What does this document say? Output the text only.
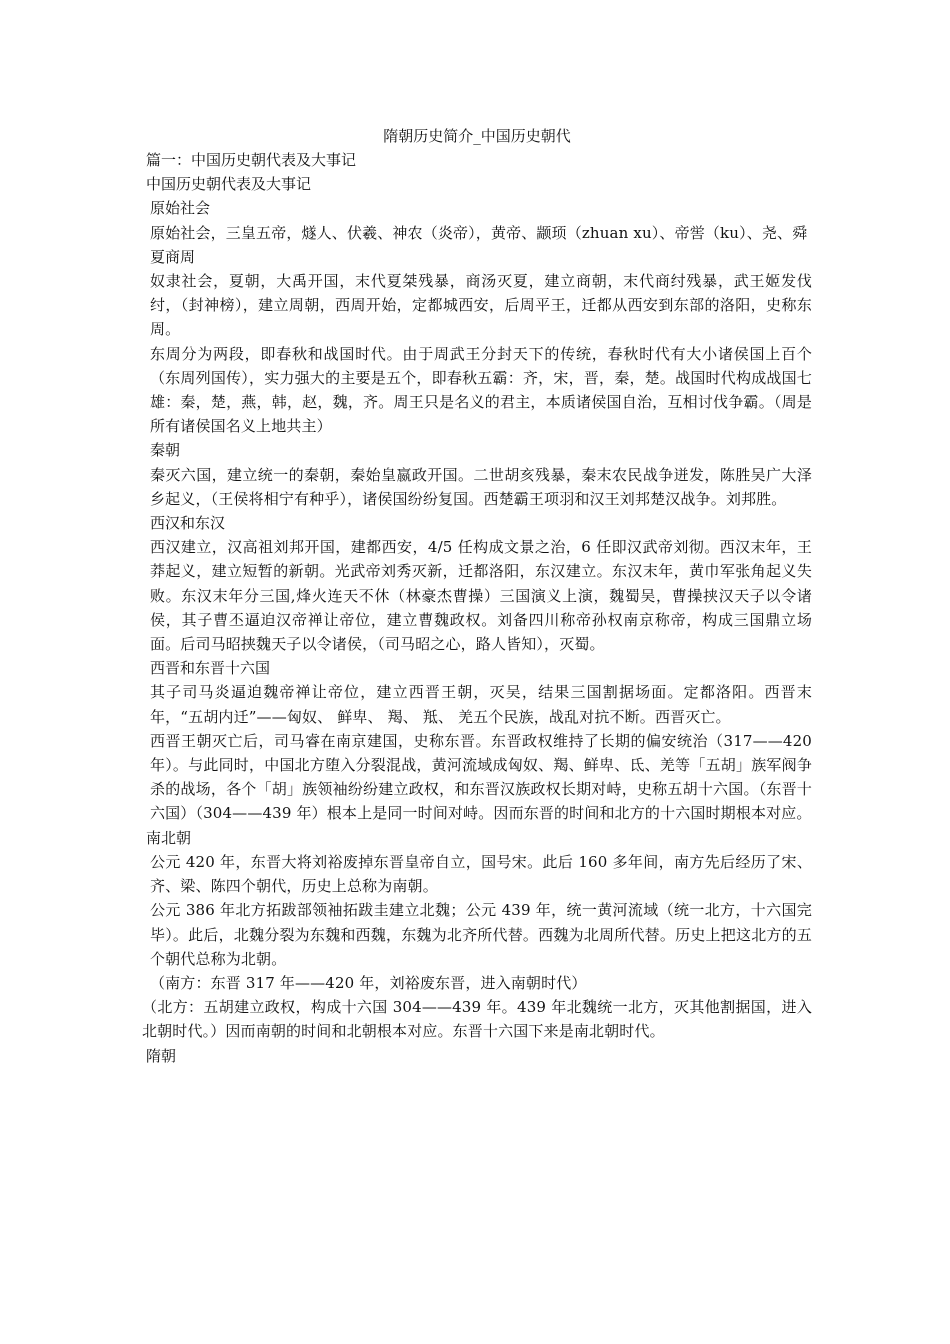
隋朝历史简介_中国历史朝代

篇一：中国历史朝代表及大事记

中国历史朝代表及大事记

原始社会

原始社会，三皇五帝，燧人、伏羲、神农（炎帝），黄帝、颛顼（zhuan xu）、帝喾（ku）、尧、舜

夏商周

奴隶社会，夏朝，大禹开国，末代夏桀残暴，商汤灭夏，建立商朝，末代商纣残暴，武王姬发伐纣，（封神榜），建立周朝，西周开始，定都城西安，后周平王，迁都从西安到东部的洛阳，史称东周。

东周分为两段，即春秋和战国时代。由于周武王分封天下的传统，春秋时代有大小诸侯国上百个（东周列国传），实力强大的主要是五个，即春秋五霸：齐，宋，晋，秦，楚。战国时代构成战国七雄：秦，楚，燕，韩，赵，魏，齐。周王只是名义的君主，本质诸侯国自治，互相讨伐争霸。（周是所有诸侯国名义上地共主）

秦朝

秦灭六国，建立统一的秦朝，秦始皇嬴政开国。二世胡亥残暴，秦末农民战争迸发，陈胜吴广大泽乡起义，（王侯将相宁有种乎），诸侯国纷纷复国。西楚霸王项羽和汉王刘邦楚汉战争。刘邦胜。

西汉和东汉

西汉建立，汉高祖刘邦开国，建都西安，4/5 任构成文景之治，6 任即汉武帝刘彻。西汉末年，王莽起义，建立短暂的新朝。光武帝刘秀灭新，迁都洛阳，东汉建立。东汉末年，黄巾军张角起义失败。东汉末年分三国,烽火连天不休（林豪杰曹操）三国演义上演，魏蜀吴，曹操挟汉天子以令诸侯，其子曹丕逼迫汉帝禅让帝位，建立曹魏政权。刘备四川称帝孙权南京称帝，构成三国鼎立场面。后司马昭挟魏天子以令诸侯，（司马昭之心，路人皆知），灭蜀。

西晋和东晋十六国

其子司马炎逼迫魏帝禅让帝位，建立西晋王朝，灭吴，结果三国割据场面。定都洛阳。西晋末年，“五胡内迁”——匈奴、 鲜卑、 羯、 羝、 羌五个民族，战乱对抗不断。西晋灭亡。

西晋王朝灭亡后，司马睿在南京建国，史称东晋。东晋政权维持了长期的偏安统治（317——420 年）。与此同时，中国北方堕入分裂混战，黄河流域成匈奴、羯、鲜卑、氐、羌等「五胡」族军阀争杀的战场，各个「胡」族领袖纷纷建立政权，和东晋汉族政权长期对峙，史称五胡十六国。（东晋十六国）（304——439 年）根本上是同一时间对峙。因而东晋的时间和北方的十六国时期根本对应。

南北朝

公元 420 年，东晋大将刘裕废掉东晋皇帝自立，国号宋。此后 160 多年间，南方先后经历了宋、齐、梁、陈四个朝代，历史上总称为南朝。

公元 386 年北方拓跋部领袖拓跋圭建立北魏；公元 439 年，统一黄河流域（统一北方，十六国完毕）。此后，北魏分裂为东魏和西魏，东魏为北齐所代替。西魏为北周所代替。历史上把这北方的五个朝代总称为北朝。

（南方：东晋 317 年——420 年，刘裕废东晋，进入南朝时代）

（北方：五胡建立政权，构成十六国 304——439 年。439 年北魏统一北方，灭其他割据国，进入北朝时代。）因而南朝的时间和北朝根本对应。东晋十六国下来是南北朝时代。

隋朝
